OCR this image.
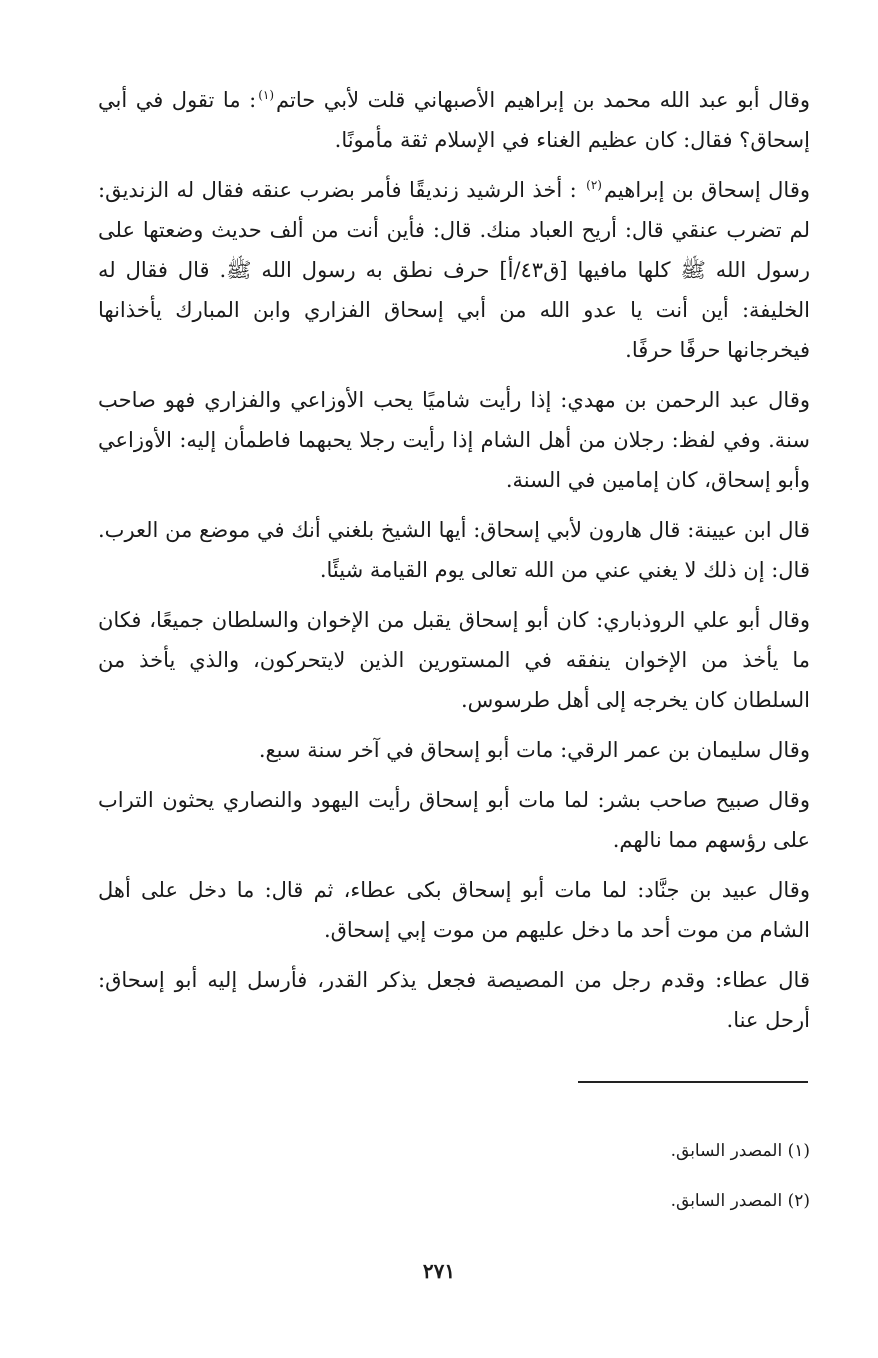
وقال أبو عبد الله محمد بن إبراهيم الأصبهاني قلت لأبي حاتم$^{(١)}$: ما تقول في أبي إسحاق؟ فقال: كان عظيم الغناء في الإسلام ثقة مأمونًا.

وقال إسحاق بن إبراهيم$^{(٢)}$ : أخذ الرشيد زنديقًا فأمر بضرب عنقه فقال له الزنديق: لم تضرب عنقي قال: أريح العباد منك. قال: فأين أنت من ألف حديث وضعتها على رسول الله ﷺ كلها مافيها [ق٤٣/أ] حرف نطق به رسول الله ﷺ. قال فقال له الخليفة: أين أنت يا عدو الله من أبي إسحاق الفزاري وابن المبارك يأخذانها فيخرجانها حرفًا حرفًا.

وقال عبد الرحمن بن مهدي: إذا رأيت شاميًا يحب الأوزاعي والفزاري فهو صاحب سنة. وفي لفظ: رجلان من أهل الشام إذا رأيت رجلا يحبهما فاطمأن إليه: الأوزاعي وأبو إسحاق، كان إمامين في السنة.

قال ابن عيينة: قال هارون لأبي إسحاق: أيها الشيخ بلغني أنك في موضع من العرب. قال: إن ذلك لا يغني عني من الله تعالى يوم القيامة شيئًا.

وقال أبو علي الروذباري: كان أبو إسحاق يقبل من الإخوان والسلطان جميعًا، فكان ما يأخذ من الإخوان ينفقه في المستورين الذين لايتحركون، والذي يأخذ من السلطان كان يخرجه إلى أهل طرسوس.

وقال سليمان بن عمر الرقي: مات أبو إسحاق في آخر سنة سبع.

وقال صبيح صاحب بشر: لما مات أبو إسحاق رأيت اليهود والنصاري يحثون التراب على رؤسهم مما نالهم.

وقال عبيد بن جنَّاد: لما مات أبو إسحاق بكى عطاء، ثم قال: ما دخل على أهل الشام من موت أحد ما دخل عليهم من موت إبي إسحاق.

قال عطاء: وقدم رجل من المصيصة فجعل يذكر القدر، فأرسل إليه أبو إسحاق: أرحل عنا.

(١) المصدر السابق.
(٢) المصدر السابق.
٢٧١
